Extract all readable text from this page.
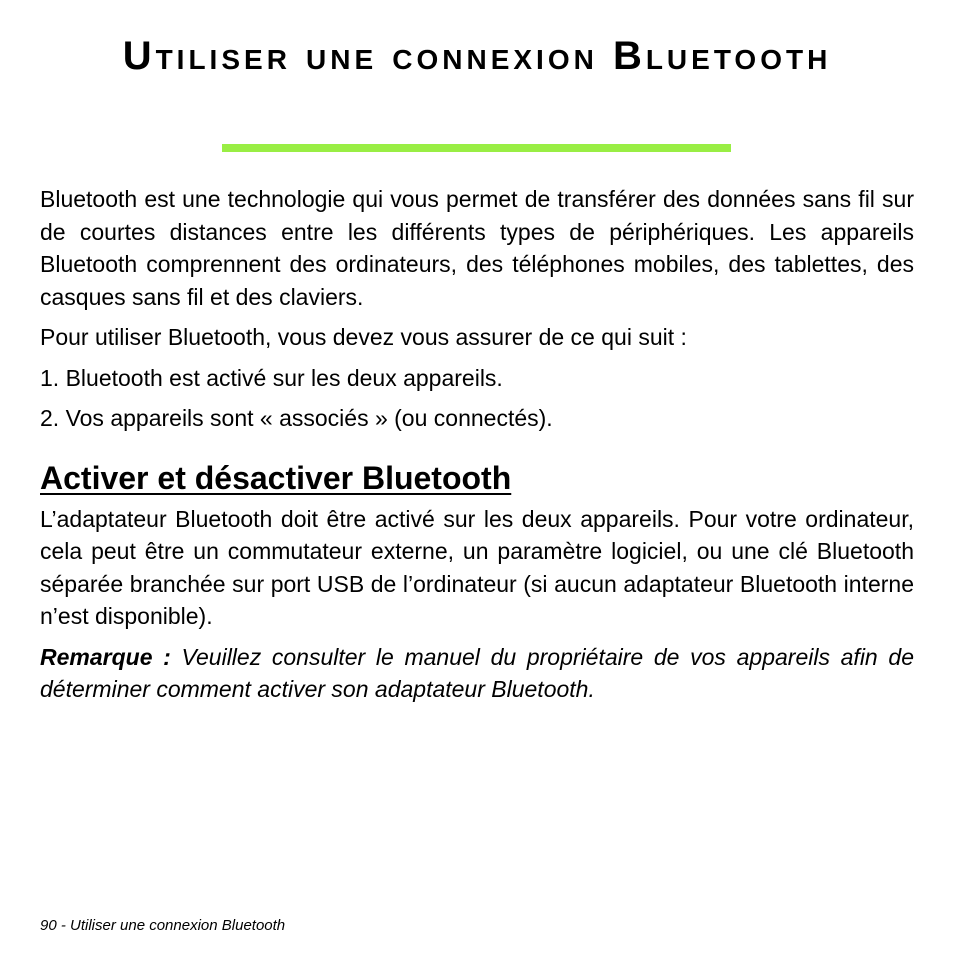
Utiliser une connexion Bluetooth

Bluetooth est une technologie qui vous permet de transférer des données sans fil sur de courtes distances entre les différents types de périphériques. Les appareils Bluetooth comprennent des ordinateurs, des téléphones mobiles, des tablettes, des casques sans fil et des claviers.

Pour utiliser Bluetooth, vous devez vous assurer de ce qui suit :

1. Bluetooth est activé sur les deux appareils.

2. Vos appareils sont « associés » (ou connectés).

Activer et désactiver Bluetooth

L’adaptateur Bluetooth doit être activé sur les deux appareils. Pour votre ordinateur, cela peut être un commutateur externe, un paramètre logiciel, ou une clé Bluetooth séparée branchée sur port USB de l’ordinateur (si aucun adaptateur Bluetooth interne n’est disponible).

Remarque : Veuillez consulter le manuel du propriétaire de vos appareils afin de déterminer comment activer son adaptateur Bluetooth.

90 - Utiliser une connexion Bluetooth
